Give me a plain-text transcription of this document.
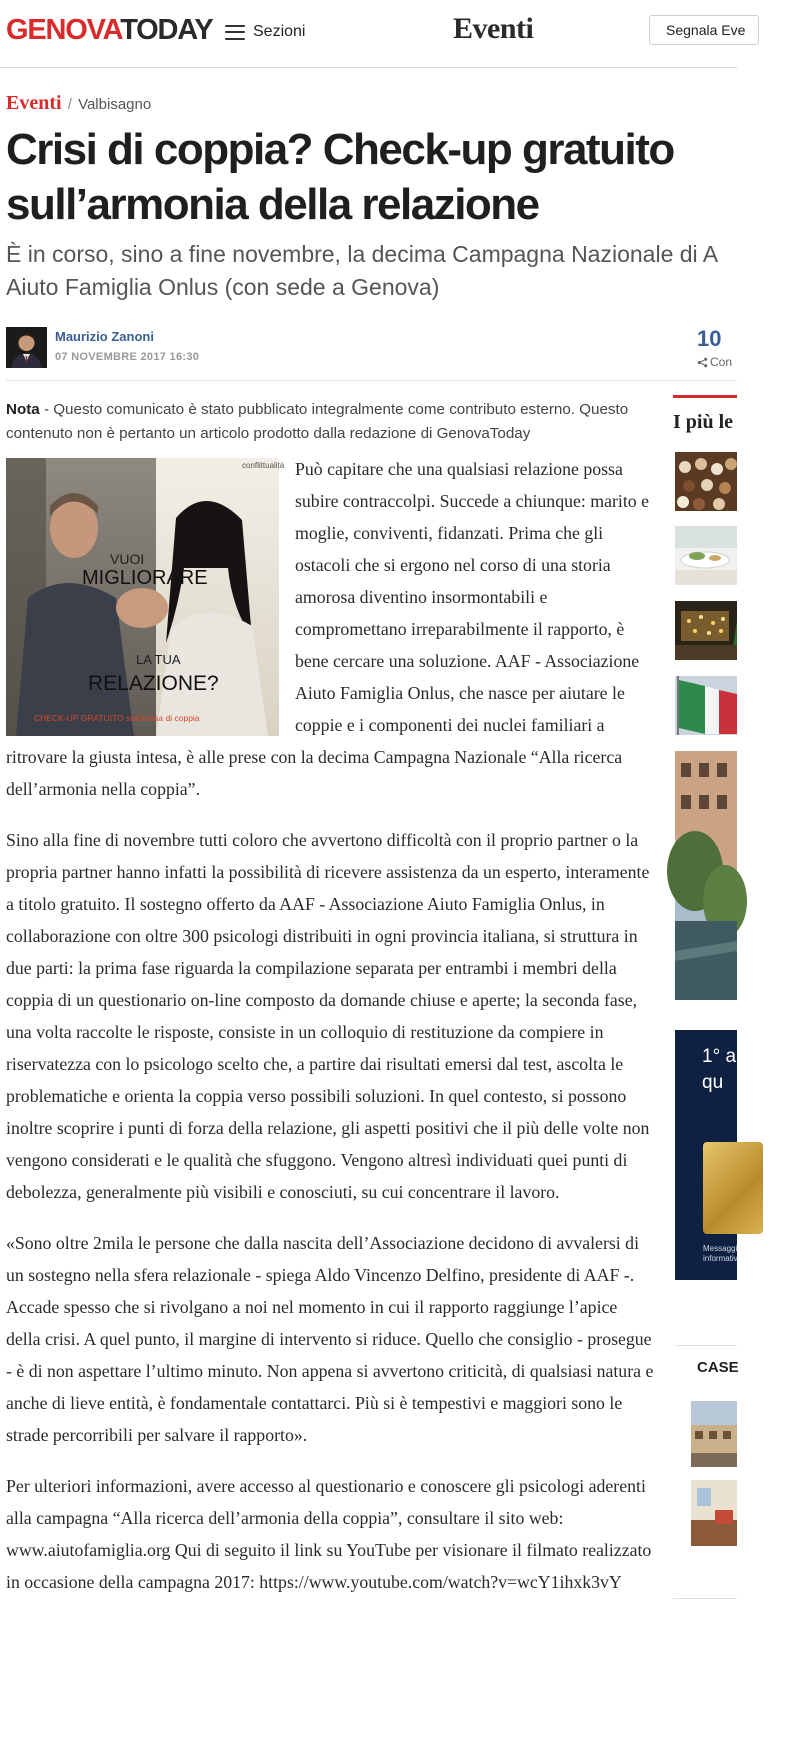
GENOVATODAY	Sezioni	Eventi	Segnala Eve
Eventi / Valbisagno
Crisi di coppia? Check-up gratuito
sull’armonia della relazione
È in corso, sino a fine novembre, la decima Campagna Nazionale di A
Aiuto Famiglia Onlus (con sede a Genova)
Maurizio Zanoni
07 NOVEMBRE 2017 16:30
10
Con
Nota - Questo comunicato è stato pubblicato integralmente come contributo esterno. Questo contenuto non è pertanto un articolo prodotto dalla redazione di GenovaToday
conflittualità
VUOI
MIGLIORARE
LA TUA
RELAZIONE?
CHECK-UP GRATUITO sull'intesa di coppia

Può capitare che una qualsiasi relazione possa subire contraccolpi. Succede a chiunque: marito e moglie, conviventi, fidanzati. Prima che gli ostacoli che si ergono nel corso di una storia amorosa diventino insormontabili e compromettano irreparabilmente il rapporto, è bene cercare una soluzione. AAF - Associazione Aiuto Famiglia Onlus, che nasce per aiutare le coppie e i componenti dei nuclei familiari a ritrovare la giusta intesa, è alle prese con la decima Campagna Nazionale “Alla ricerca dell’armonia nella coppia”.

Sino alla fine di novembre tutti coloro che avvertono difficoltà con il proprio partner o la propria partner hanno infatti la possibilità di ricevere assistenza da un esperto, interamente a titolo gratuito. Il sostegno offerto da AAF - Associazione Aiuto Famiglia Onlus, in collaborazione con oltre 300 psicologi distribuiti in ogni provincia italiana, si struttura in due parti: la prima fase riguarda la compilazione separata per entrambi i membri della coppia di un questionario on-line composto da domande chiuse e aperte; la seconda fase, una volta raccolte le risposte, consiste in un colloquio di restituzione da compiere in riservatezza con lo psicologo scelto che, a partire dai risultati emersi dal test, ascolta le problematiche e orienta la coppia verso possibili soluzioni. In quel contesto, si possono inoltre scoprire i punti di forza della relazione, gli aspetti positivi che il più delle volte non vengono considerati e le qualità che sfuggono. Vengono altresì individuati quei punti di debolezza, generalmente più visibili e conosciuti, su cui concentrare il lavoro.

«Sono oltre 2mila le persone che dalla nascita dell’Associazione decidono di avvalersi di un sostegno nella sfera relazionale - spiega Aldo Vincenzo Delfino, presidente di AAF -. Accade spesso che si rivolgano a noi nel momento in cui il rapporto raggiunge l’apice della crisi. A quel punto, il margine di intervento si riduce. Quello che consiglio - prosegue - è di non aspettare l’ultimo minuto. Non appena si avvertono criticità, di qualsiasi natura e anche di lieve entità, è fondamentale contattarci. Più si è tempestivi e maggiori sono le strade percorribili per salvare il rapporto».

Per ulteriori informazioni, avere accesso al questionario e conoscere gli psicologi aderenti alla campagna “Alla ricerca dell’armonia della coppia”, consultare il sito web: www.aiutofamiglia.org Qui di seguito il link su YouTube per visionare il filmato realizzato in occasione della campagna 2017: https://www.youtube.com/watch?v=wcY1ihxk3vY

I più le
1° a
qu
Messaggi
informativ
CASE
